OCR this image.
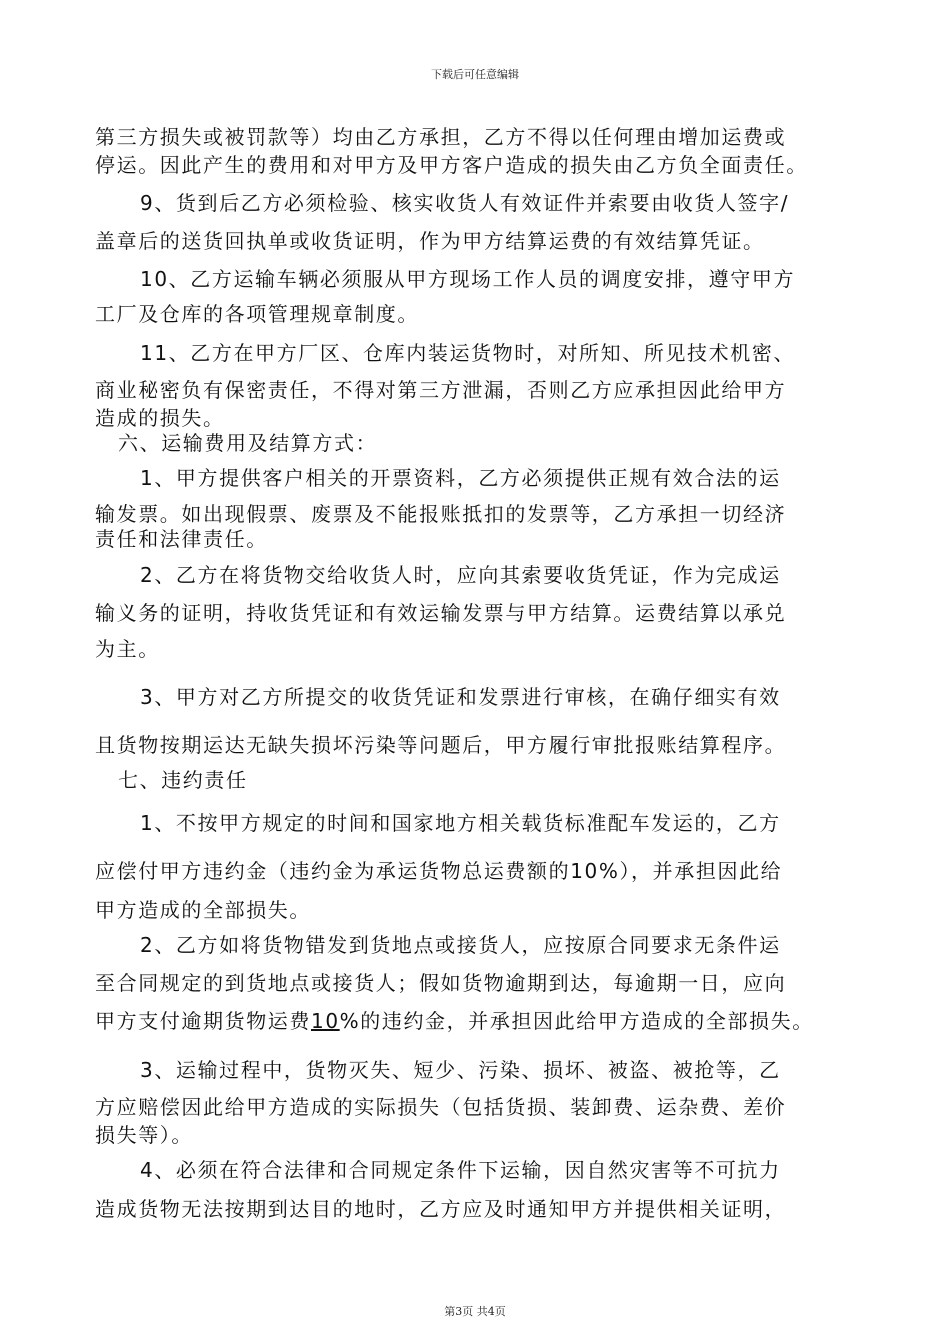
下载后可任意编辑
第三方损失或被罚款等）均由乙方承担，乙方不得以任何理由增加运费或
停运。因此产生的费用和对甲方及甲方客户造成的损失由乙方负全面责任。
9、货到后乙方必须检验、核实收货人有效证件并索要由收货人签字/
盖章后的送货回执单或收货证明，作为甲方结算运费的有效结算凭证。
10、乙方运输车辆必须服从甲方现场工作人员的调度安排，遵守甲方
工厂及仓库的各项管理规章制度。
11、乙方在甲方厂区、仓库内装运货物时，对所知、所见技术机密、
商业秘密负有保密责任，不得对第三方泄漏，否则乙方应承担因此给甲方
造成的损失。
六、运输费用及结算方式：
1、甲方提供客户相关的开票资料，乙方必须提供正规有效合法的运
输发票。如出现假票、废票及不能报账抵扣的发票等，乙方承担一切经济
责任和法律责任。
2、乙方在将货物交给收货人时，应向其索要收货凭证，作为完成运
输义务的证明，持收货凭证和有效运输发票与甲方结算。运费结算以承兑
为主。
3、甲方对乙方所提交的收货凭证和发票进行审核，在确仔细实有效
且货物按期运达无缺失损坏污染等问题后，甲方履行审批报账结算程序。
七、违约责任
1、不按甲方规定的时间和国家地方相关载货标准配车发运的，乙方
应偿付甲方违约金（违约金为承运货物总运费额的10%），并承担因此给
甲方造成的全部损失。
2、乙方如将货物错发到货地点或接货人，应按原合同要求无条件运
至合同规定的到货地点或接货人；假如货物逾期到达，每逾期一日，应向
甲方支付逾期货物运费10%的违约金，并承担因此给甲方造成的全部损失。
3、运输过程中，货物灭失、短少、污染、损坏、被盗、被抢等，乙
方应赔偿因此给甲方造成的实际损失（包括货损、装卸费、运杂费、差价
损失等）。
4、必须在符合法律和合同规定条件下运输，因自然灾害等不可抗力
造成货物无法按期到达目的地时，乙方应及时通知甲方并提供相关证明，
第3页 共4页
